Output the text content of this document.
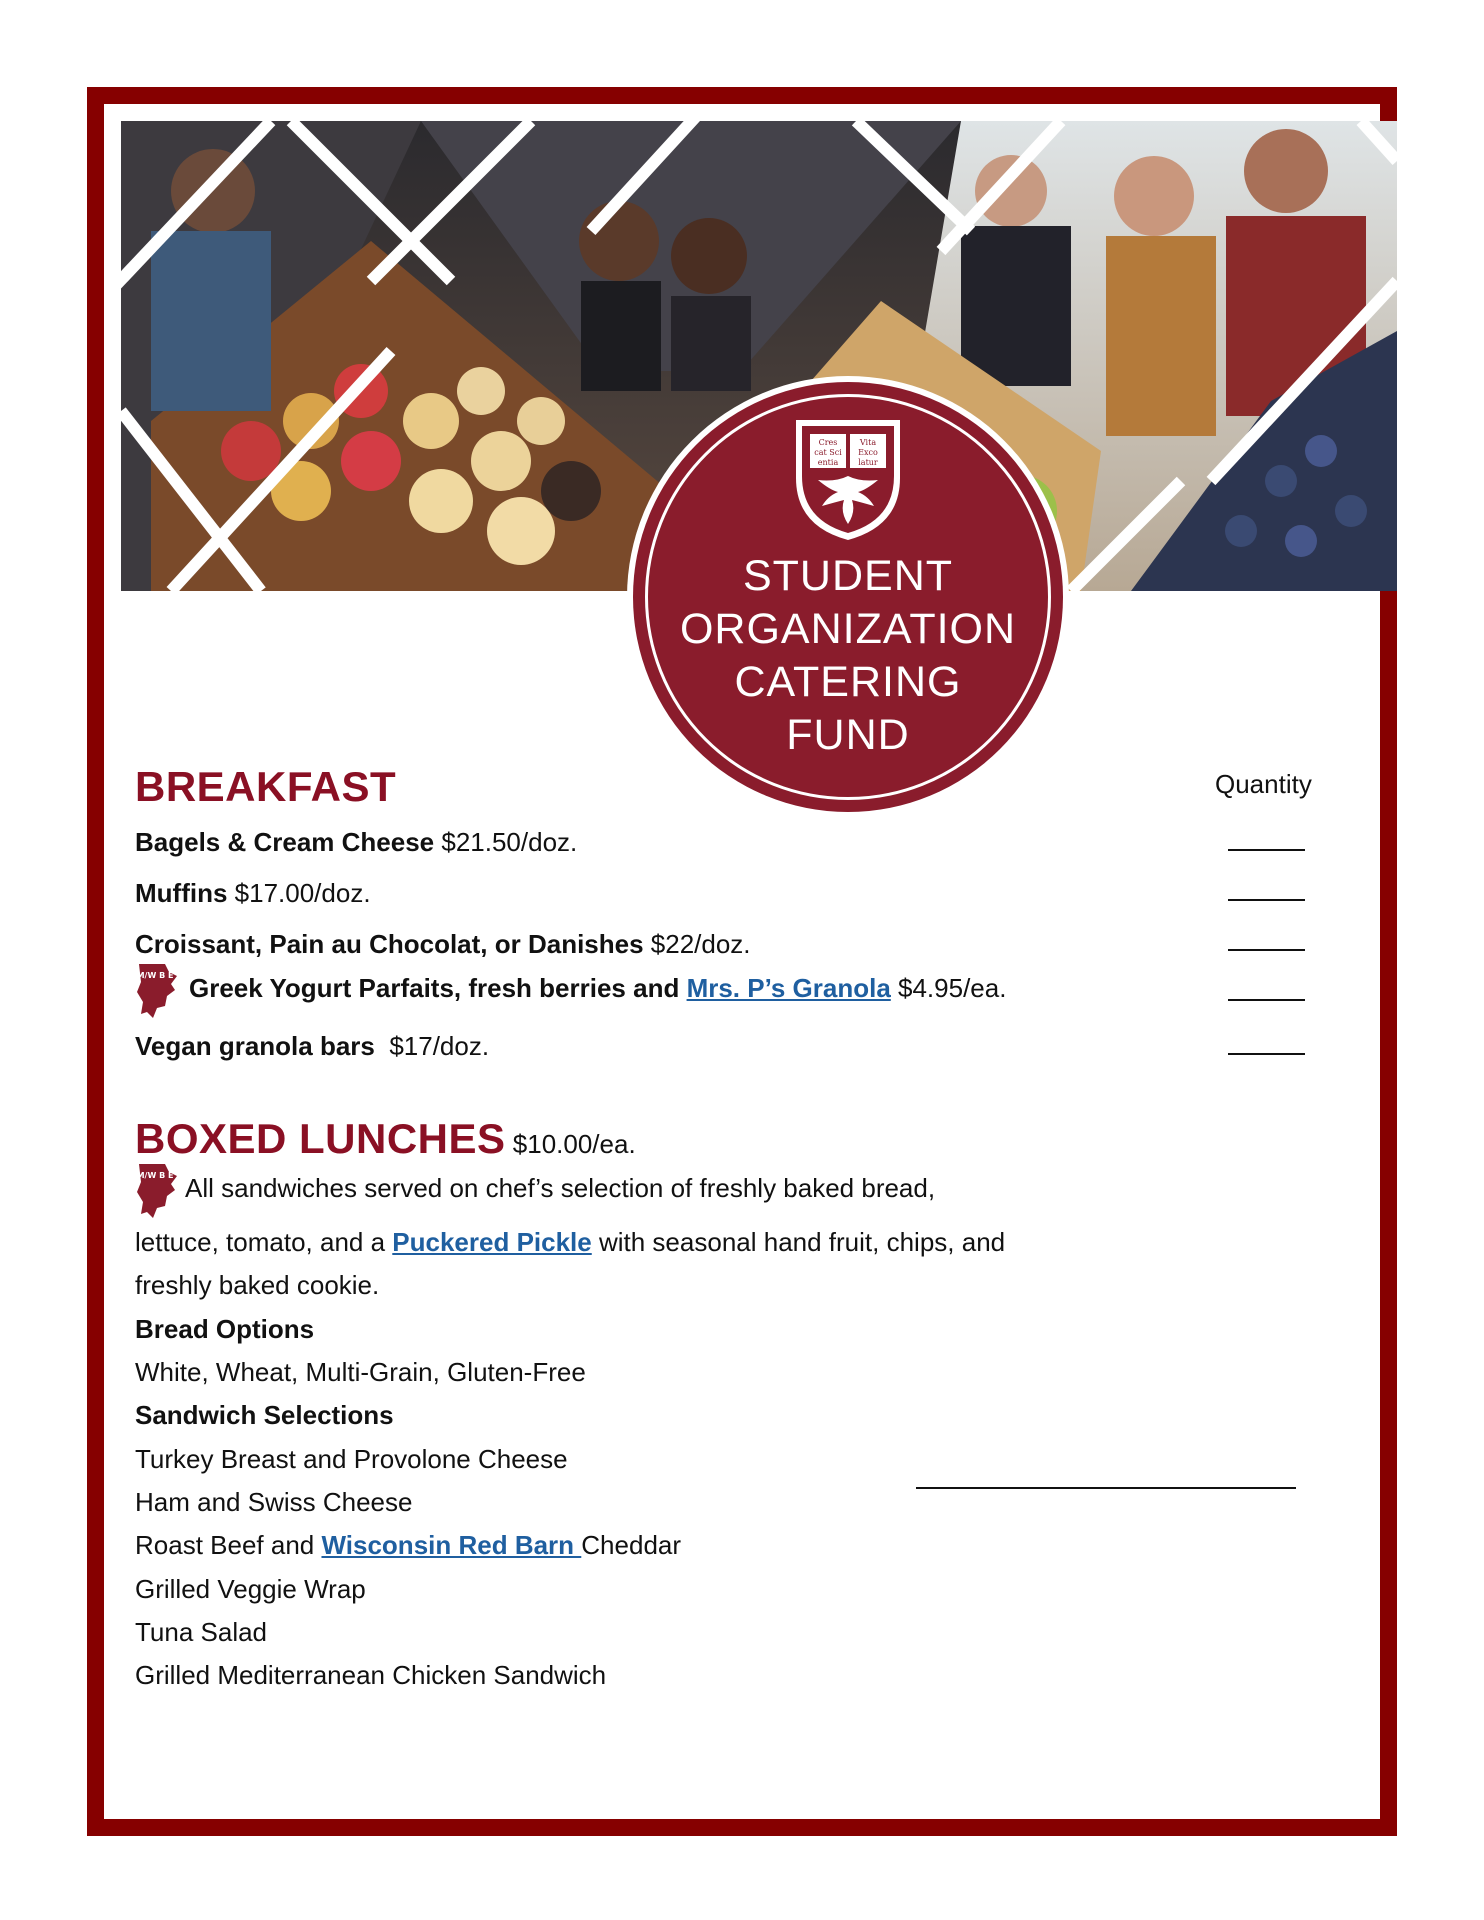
Cres
cat Sci
entia
Vita
Exco
latur
STUDENT
ORGANIZATION
CATERING
FUND
BREAKFAST	Quantity
Bagels & Cream Cheese $21.50/doz.
Muffins $17.00/doz.
Croissant, Pain au Chocolat, or Danishes $22/doz.
M/W B E Greek Yogurt Parfaits, fresh berries and Mrs. P’s Granola $4.95/ea.
Vegan granola bars  $17/doz.
BOXED LUNCHES $10.00/ea.
M/W B E All sandwiches served on chef’s selection of freshly baked bread,
lettuce, tomato, and a Puckered Pickle with seasonal hand fruit, chips, and
freshly baked cookie.
Bread Options
White, Wheat, Multi-Grain, Gluten-Free
Sandwich Selections
Turkey Breast and Provolone Cheese
Ham and Swiss Cheese
Roast Beef and Wisconsin Red Barn Cheddar
Grilled Veggie Wrap
Tuna Salad
Grilled Mediterranean Chicken Sandwich
